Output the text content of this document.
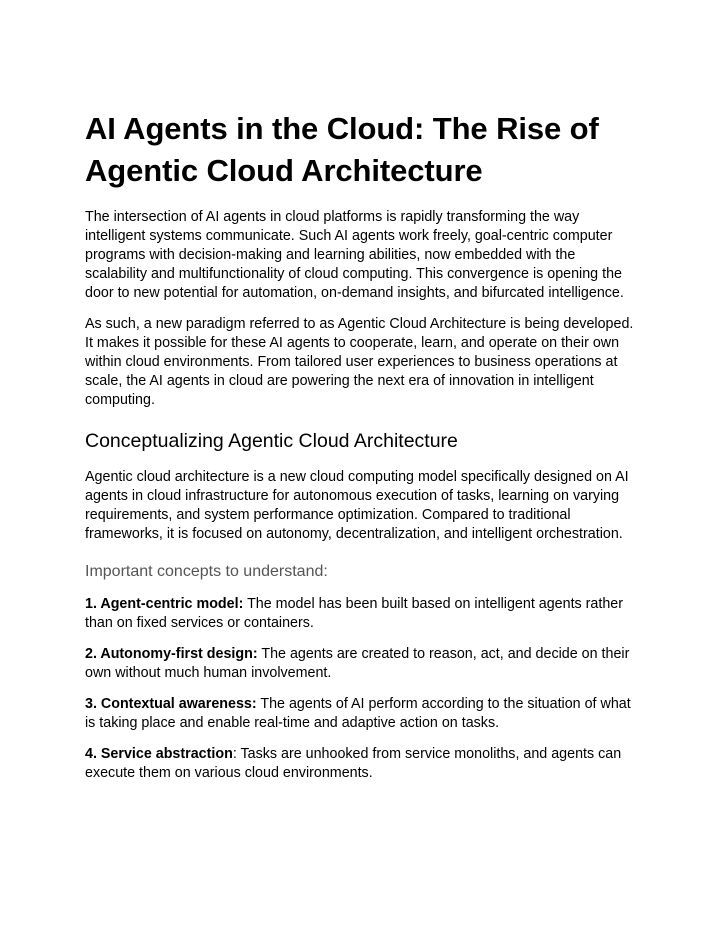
AI Agents in the Cloud: The Rise of Agentic Cloud Architecture

The intersection of AI agents in cloud platforms is rapidly transforming the way intelligent systems communicate. Such AI agents work freely, goal-centric computer programs with decision-making and learning abilities, now embedded with the scalability and multifunctionality of cloud computing. This convergence is opening the door to new potential for automation, on-demand insights, and bifurcated intelligence.

As such, a new paradigm referred to as Agentic Cloud Architecture is being developed. It makes it possible for these AI agents to cooperate, learn, and operate on their own within cloud environments. From tailored user experiences to business operations at scale, the AI agents in cloud are powering the next era of innovation in intelligent computing.

Conceptualizing Agentic Cloud Architecture

Agentic cloud architecture is a new cloud computing model specifically designed on AI agents in cloud infrastructure for autonomous execution of tasks, learning on varying requirements, and system performance optimization. Compared to traditional frameworks, it is focused on autonomy, decentralization, and intelligent orchestration.

Important concepts to understand:

1. Agent-centric model: The model has been built based on intelligent agents rather than on fixed services or containers.

2. Autonomy-first design: The agents are created to reason, act, and decide on their own without much human involvement.

3. Contextual awareness: The agents of AI perform according to the situation of what is taking place and enable real-time and adaptive action on tasks.

4. Service abstraction: Tasks are unhooked from service monoliths, and agents can execute them on various cloud environments.
